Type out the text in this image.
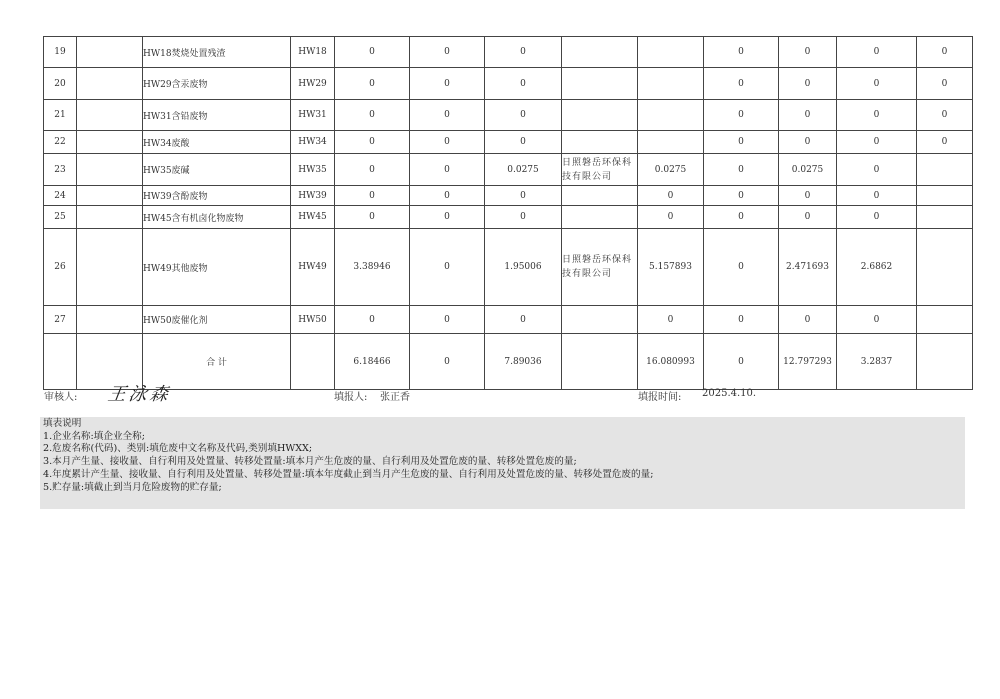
19		HW18焚烧处置残渣	HW18	0	0	0			0	0	0	0
20		HW29含汞废物	HW29	0	0	0			0	0	0	0
21		HW31含铅废物	HW31	0	0	0			0	0	0	0
22		HW34废酸	HW34	0	0	0			0	0	0	0
23		HW35废碱	HW35	0	0	0.0275	日照磐岳环保科技有限公司	0.0275	0	0.0275	0	
24		HW39含酚废物	HW39	0	0	0		0	0	0	0	
25		HW45含有机卤化物废物	HW45	0	0	0		0	0	0	0	
26		HW49其他废物	HW49	3.38946	0	1.95006	日照磐岳环保科技有限公司	5.157893	0	2.471693	2.6862	
27		HW50废催化剂	HW50	0	0	0		0	0	0	0	
		合 计		6.18466	0	7.89036		16.080993	0	12.797293	3.2837	
审核人: 王泳森	填报人: 张正香	填报时间: 2025.4.10.
填表说明
1.企业名称:填企业全称;
2.危废名称(代码)、类别:填危废中文名称及代码,类别填HWXX;
3.本月产生量、接收量、自行利用及处置量、转移处置量:填本月产生危废的量、自行利用及处置危废的量、转移处置危废的量;
4.年度累计产生量、接收量、自行利用及处置量、转移处置量:填本年度截止到当月产生危废的量、自行利用及处置危废的量、转移处置危废的量;
5.贮存量:填截止到当月危险废物的贮存量;
